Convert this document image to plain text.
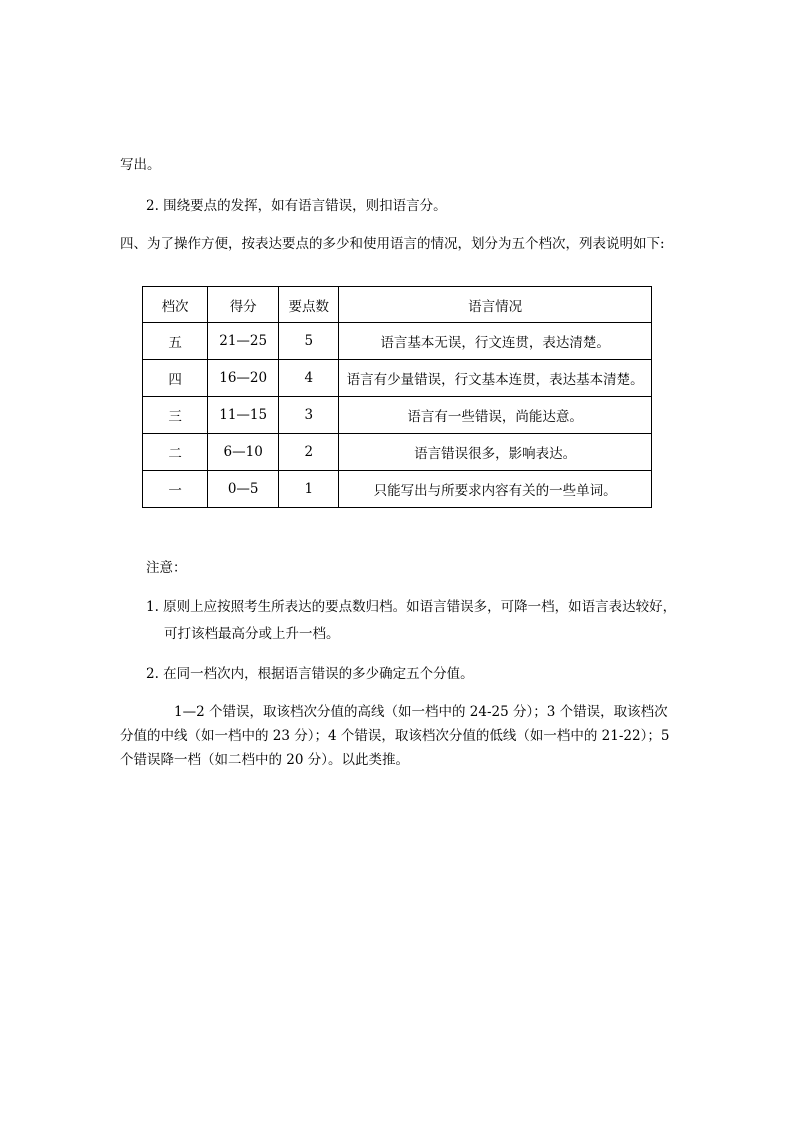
写出。
2. 围绕要点的发挥，如有语言错误，则扣语言分。
四、为了操作方便，按表达要点的多少和使用语言的情况，划分为五个档次，列表说明如下:
档次	得分	要点数	语言情况
五	21—25	5	语言基本无误，行文连贯，表达清楚。
四	16—20	4	语言有少量错误，行文基本连贯，表达基本清楚。
三	11—15	3	语言有一些错误，尚能达意。
二	6—10	2	语言错误很多，影响表达。
一	0—5	1	只能写出与所要求内容有关的一些单词。
注意：
1. 原则上应按照考生所表达的要点数归档。如语言错误多，可降一档，如语言表达较好，
可打该档最高分或上升一档。
2. 在同一档次内，根据语言错误的多少确定五个分值。
1—2 个错误，取该档次分值的高线（如一档中的 24-25 分）；3 个错误，取该档次分值的中线（如一档中的 23 分）；4 个错误，取该档次分值的低线（如一档中的 21-22）；5 个错误降一档（如二档中的 20 分）。以此类推。
